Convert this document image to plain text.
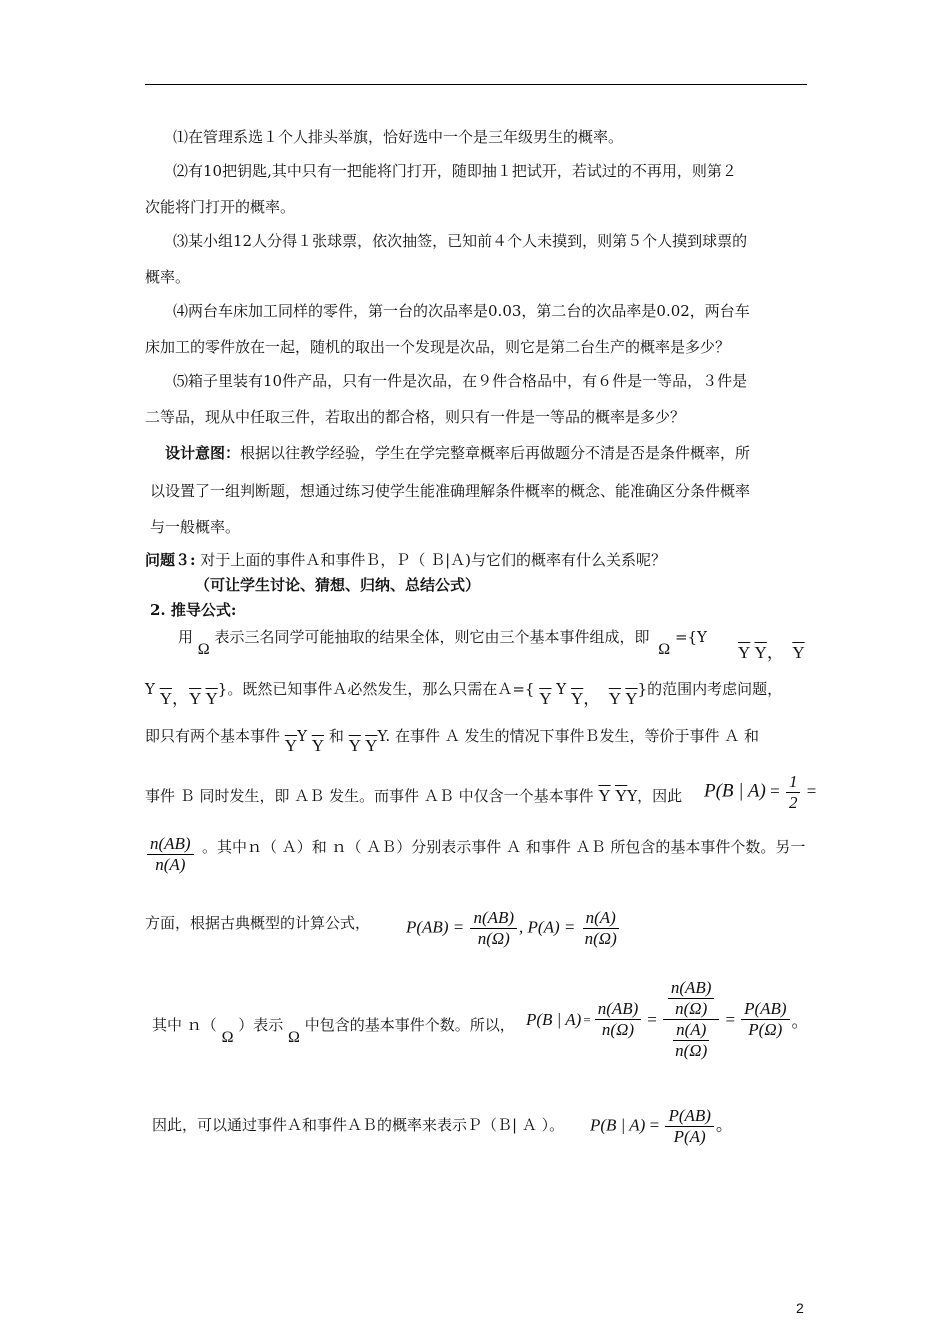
⑴在管理系选１个人排头举旗，恰好选中一个是三年级男生的概率。
⑵有10把钥匙,其中只有一把能将门打开，随即抽１把试开，若试过的不再用，则第２
次能将门打开的概率。
⑶某小组12人分得１张球票，依次抽签，已知前４个人未摸到，则第５个人摸到球票的
概率。
⑷两台车床加工同样的零件，第一台的次品率是0.03，第二台的次品率是0.02，两台车
床加工的零件放在一起，随机的取出一个发现是次品，则它是第二台生产的概率是多少？
⑸箱子里装有10件产品，只有一件是次品，在９件合格品中，有６件是一等品，３件是
二等品，现从中任取三件，若取出的都合格，则只有一件是一等品的概率是多少？
设计意图：根据以往教学经验，学生在学完整章概率后再做题分不清是否是条件概率，所
以设置了一组判断题，想通过练习使学生能准确理解条件概率的概念、能准确区分条件概率
与一般概率。
问题３: 对于上面的事件Ａ和事件Ｂ，Ｐ（ Ｂ|Ａ)与它们的概率有什么关系呢？
（可让学生讨论、猜想、归纳、总结公式）
2. 推导公式:
用 Ω 表示三名同学可能抽取的结果全体，则它由三个基本事件组成，即 Ω ={Y
$\overline{Y}$ $\overline{Y}$， $\overline{Y}$
Y $\overline{Y}$，$\overline{Y}$ $\overline{Y}$}。既然已知事件Ａ必然发生，那么只需在Ａ={ $\overline{Y}$ Y $\overline{Y}$， $\overline{Y}$ $\overline{Y}$}的范围内考虑问题，
即只有两个基本事件 $\overline{Y}Y$ $\overline{Y}$ 和 $\overline{Y}$ $\overline{Y}Y$. 在事件 Ａ 发生的情况下事件Ｂ发生，等价于事件 Ａ 和
事件 Ｂ 同时发生，即 ＡＢ 发生。而事件 ＡＢ 中仅含一个基本事件 $\overline{Y}$ $\overline{Y}Y$，因此 P(B | $A) = \frac{1}{2}$ =
$\frac{n(AB)}{n(A)}$ 。其中ｎ（ Ａ）和 ｎ（ ＡＢ）分别表示事件 Ａ 和事件 ＡＢ 所包含的基本事件个数。另一
方面，根据古典概型的计算公式， $P(AB) = \frac{n(AB)}{n(\Omega)}$ , $P(A) = \frac{n(A)}{n(\Omega)}$
其中 ｎ（ Ω ）表示 Ω 中包含的基本事件个数。所以， P(B | $A) = \frac{n(AB)}{n(\Omega)} = \frac{\frac{n(AB)}{n(\Omega)}}{\frac{n(A)}{n(\Omega)}} = \frac{P(AB)}{P(\Omega)}$ 。
因此，可以通过事件Ａ和事件ＡＢ的概率来表示Ｐ（Ｂ| Ａ ）。 P(B | $A) = \frac{P(AB)}{P(A)}$ 。
2
